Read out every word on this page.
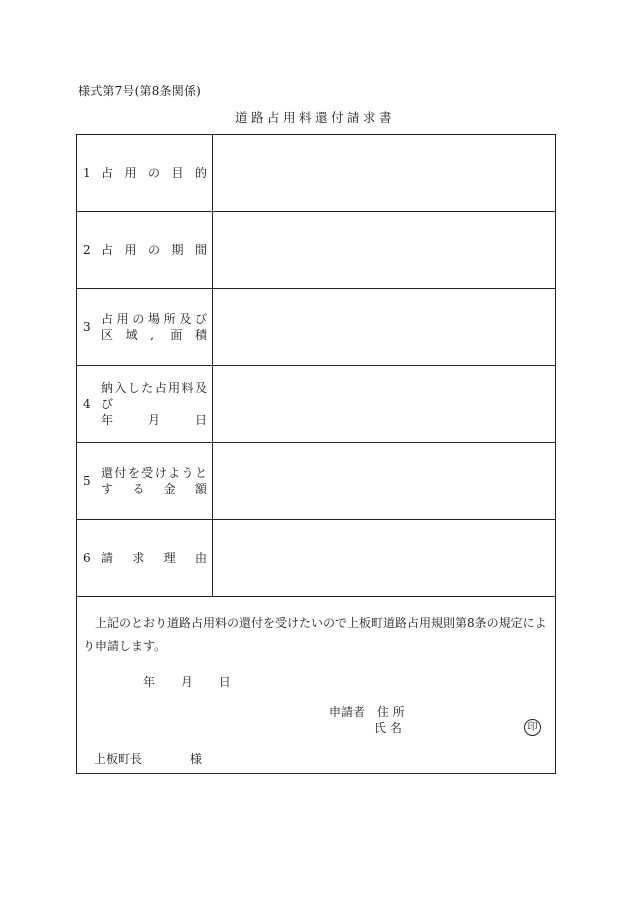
様式第7号(第8条関係)
道路占用料還付請求書
1 占用の目的
2 占用の期間
3
占用の場所及び
区域, 面積
4
納入した占用料及び
年月日
5
還付を受けようと
する金額
6 請求理由
上記のとおり道路占用料の還付を受けたいので上板町道路占用規則第8条の規定により申請します。
年 月 日
申請者 住 所
氏 名	印
上板町長	様
